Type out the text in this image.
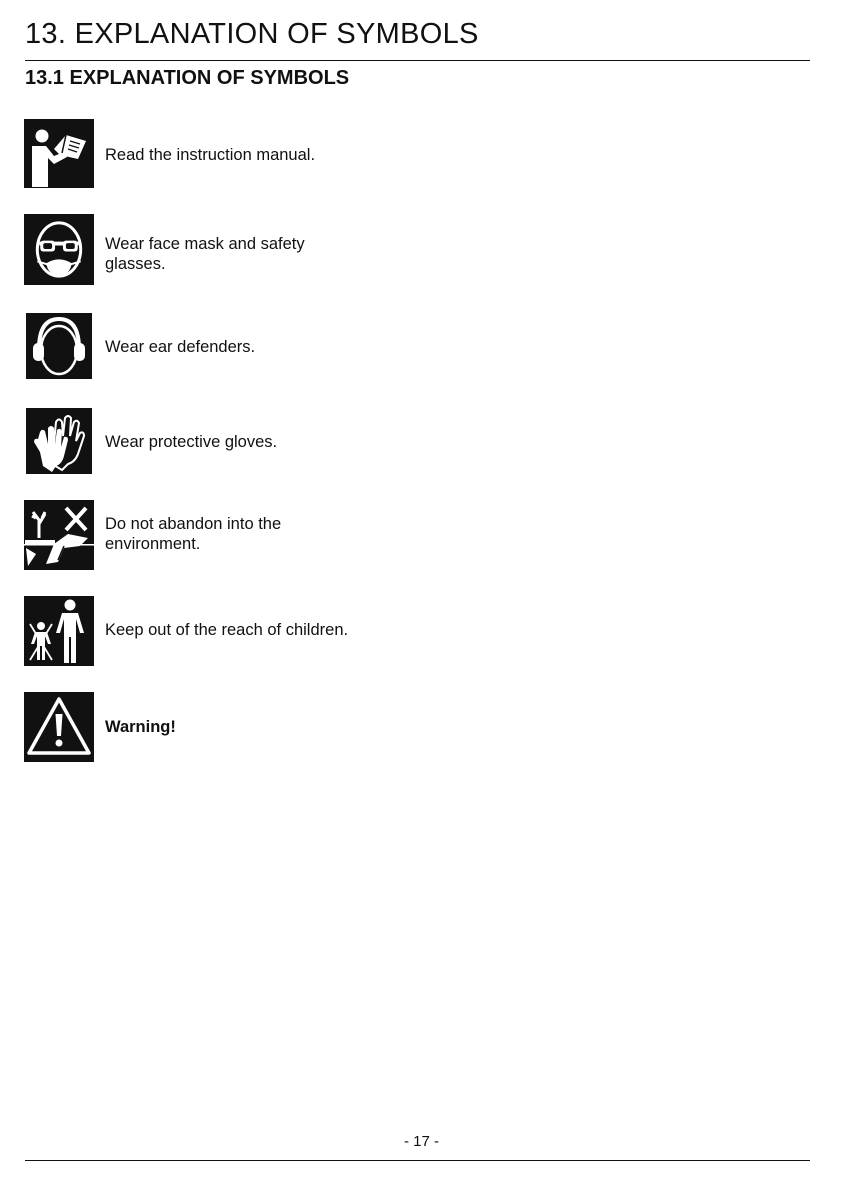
13. EXPLANATION OF SYMBOLS
13.1 EXPLANATION OF SYMBOLS
Read the instruction manual.
Wear face mask and safety glasses.
Wear ear defenders.
Wear protective gloves.
Do not abandon into the environment.
Keep out of the reach of children.
Warning!
- 17 -
